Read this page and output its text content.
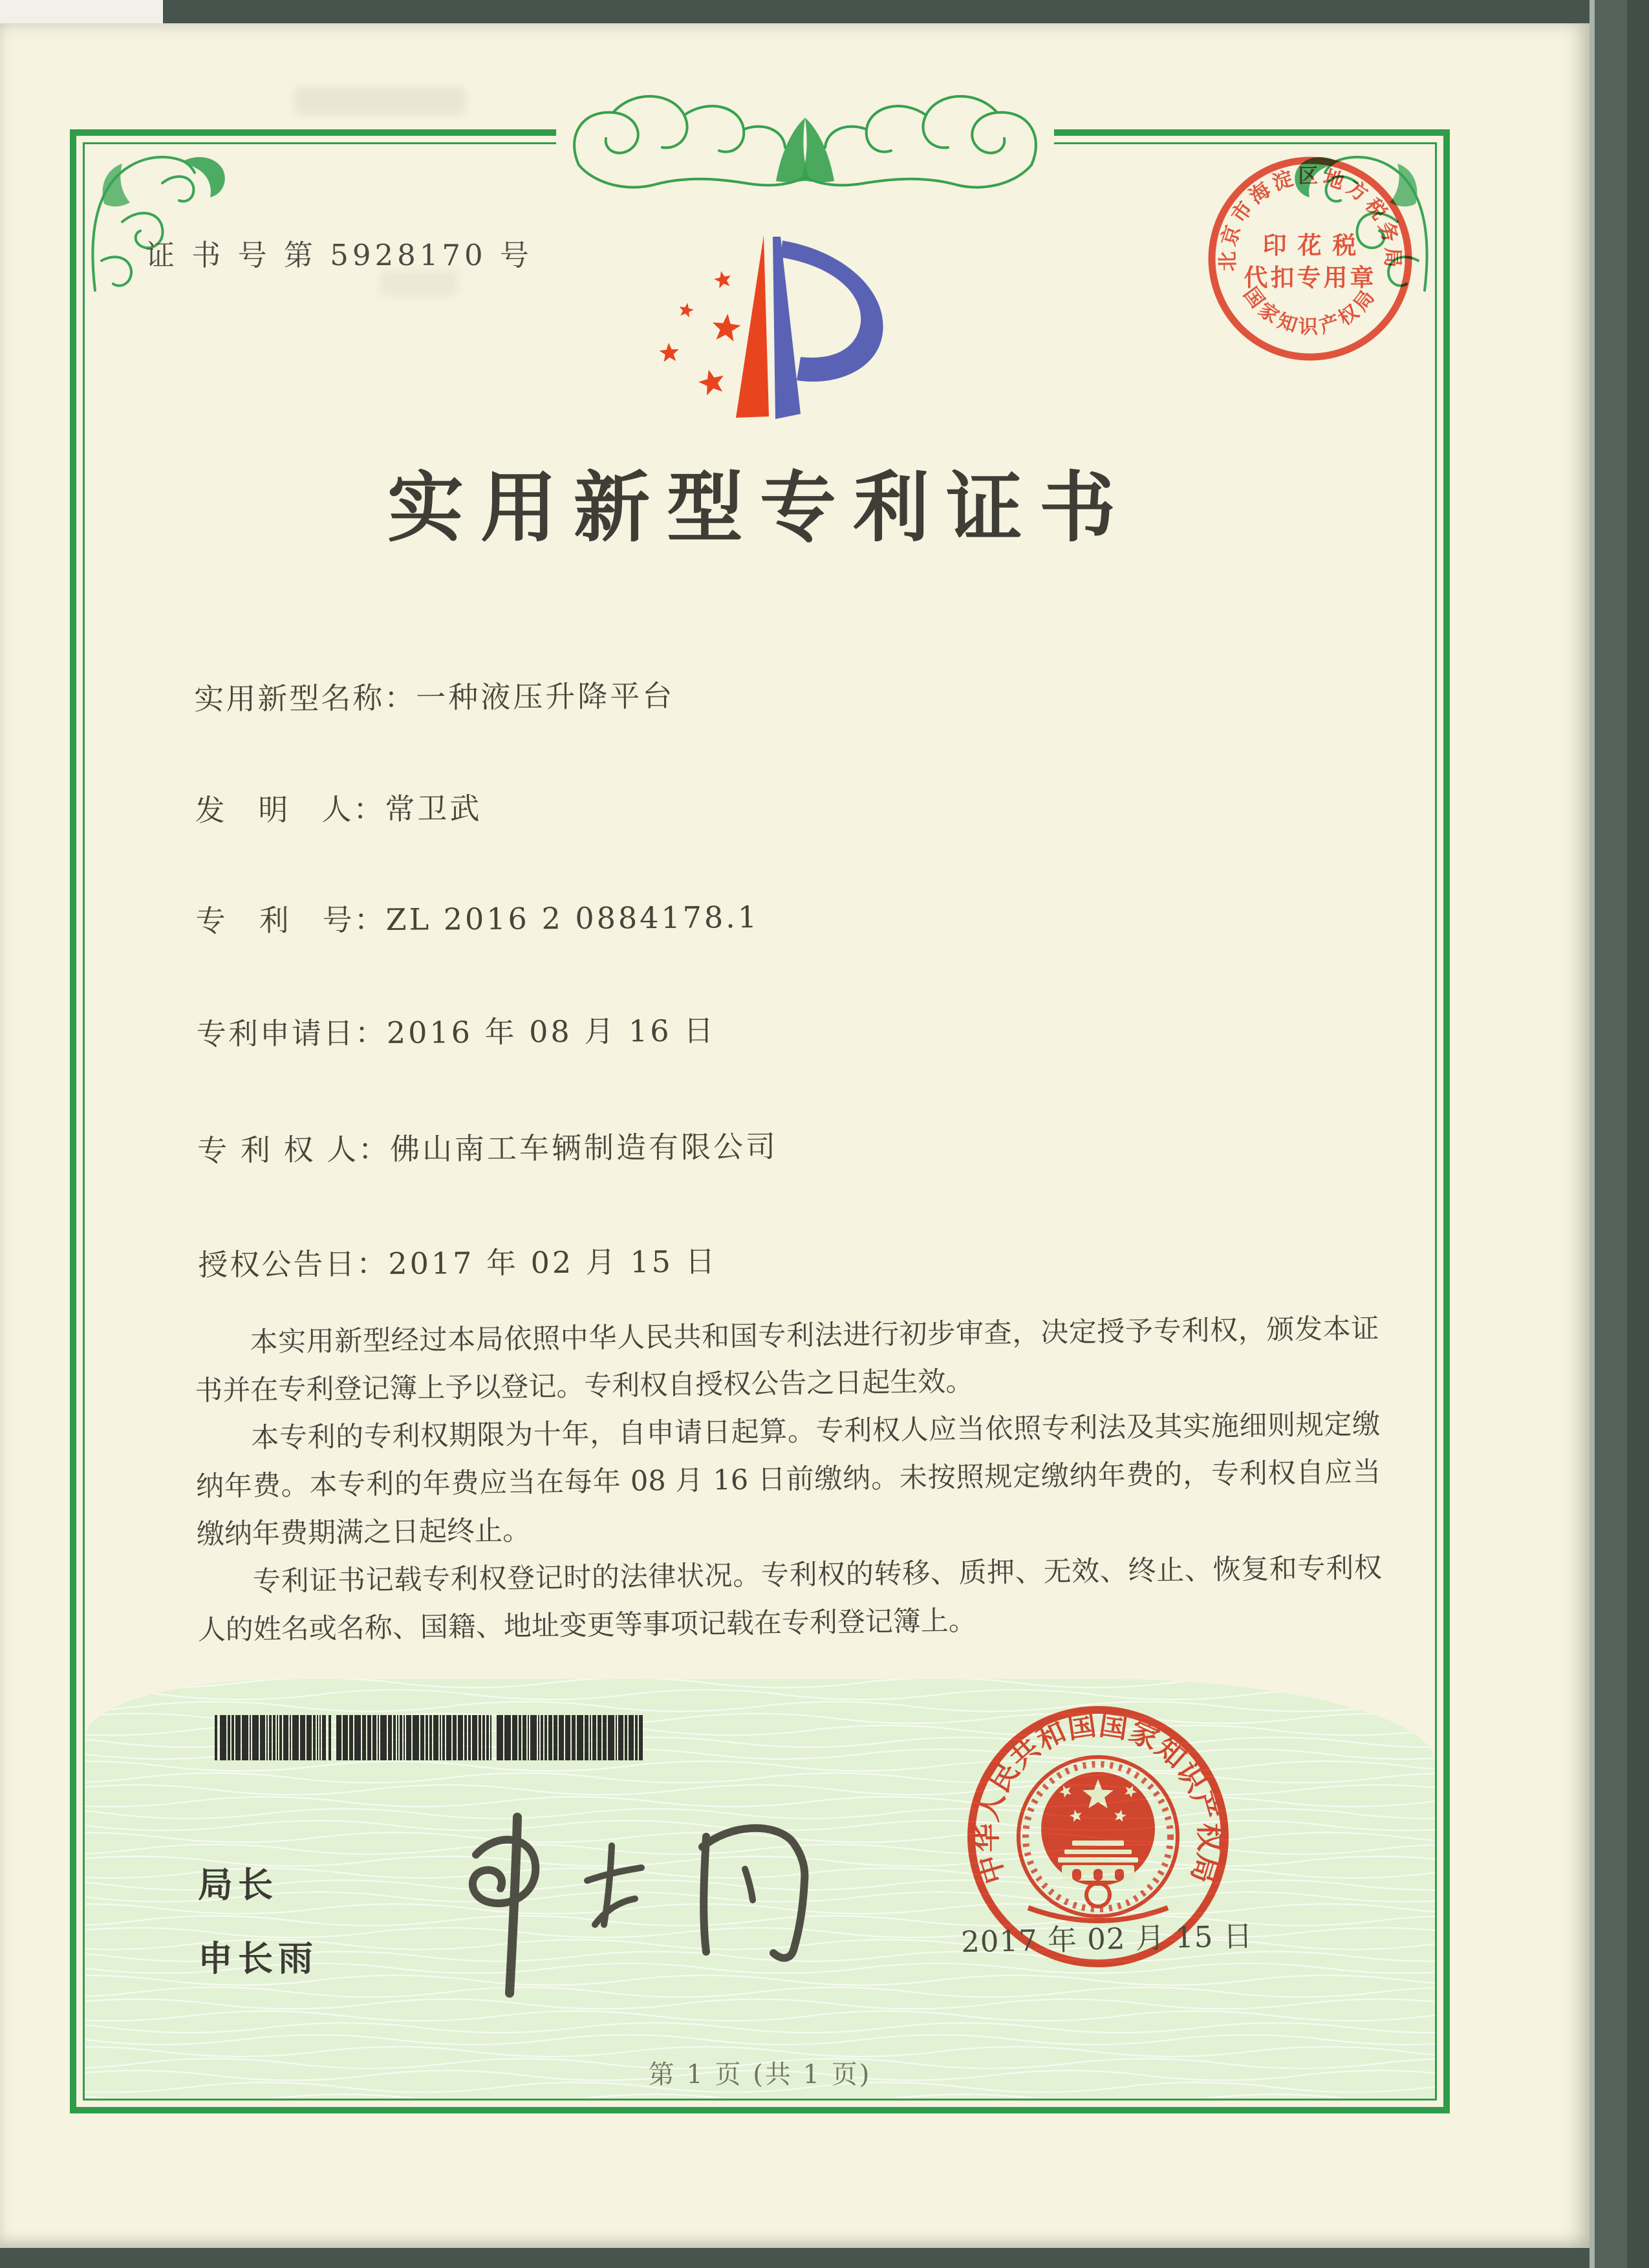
证 书 号 第 5928170 号	北京市海淀区地方税务局
印 花 税
代扣专用章
国家知识产权局
实用新型专利证书
实用新型名称：一种液压升降平台
发　明　人：常卫武
专　利　号：ZL 2016 2 0884178.1
专利申请日：2016 年 08 月 16 日
专 利 权 人：佛山南工车辆制造有限公司
授权公告日：2017 年 02 月 15 日

本实用新型经过本局依照中华人民共和国专利法进行初步审查，决定授予专利权，颁发本证书并在专利登记簿上予以登记。专利权自授权公告之日起生效。

本专利的专利权期限为十年，自申请日起算。专利权人应当依照专利法及其实施细则规定缴纳年费。本专利的年费应当在每年 08 月 16 日前缴纳。未按照规定缴纳年费的，专利权自应当缴纳年费期满之日起终止。

专利证书记载专利权登记时的法律状况。专利权的转移、质押、无效、终止、恢复和专利权人的姓名或名称、国籍、地址变更等事项记载在专利登记簿上。

局长
申长雨
中华人民共和国国家知识产权局
2017 年 02 月 15 日
第 1 页 (共 1 页)
